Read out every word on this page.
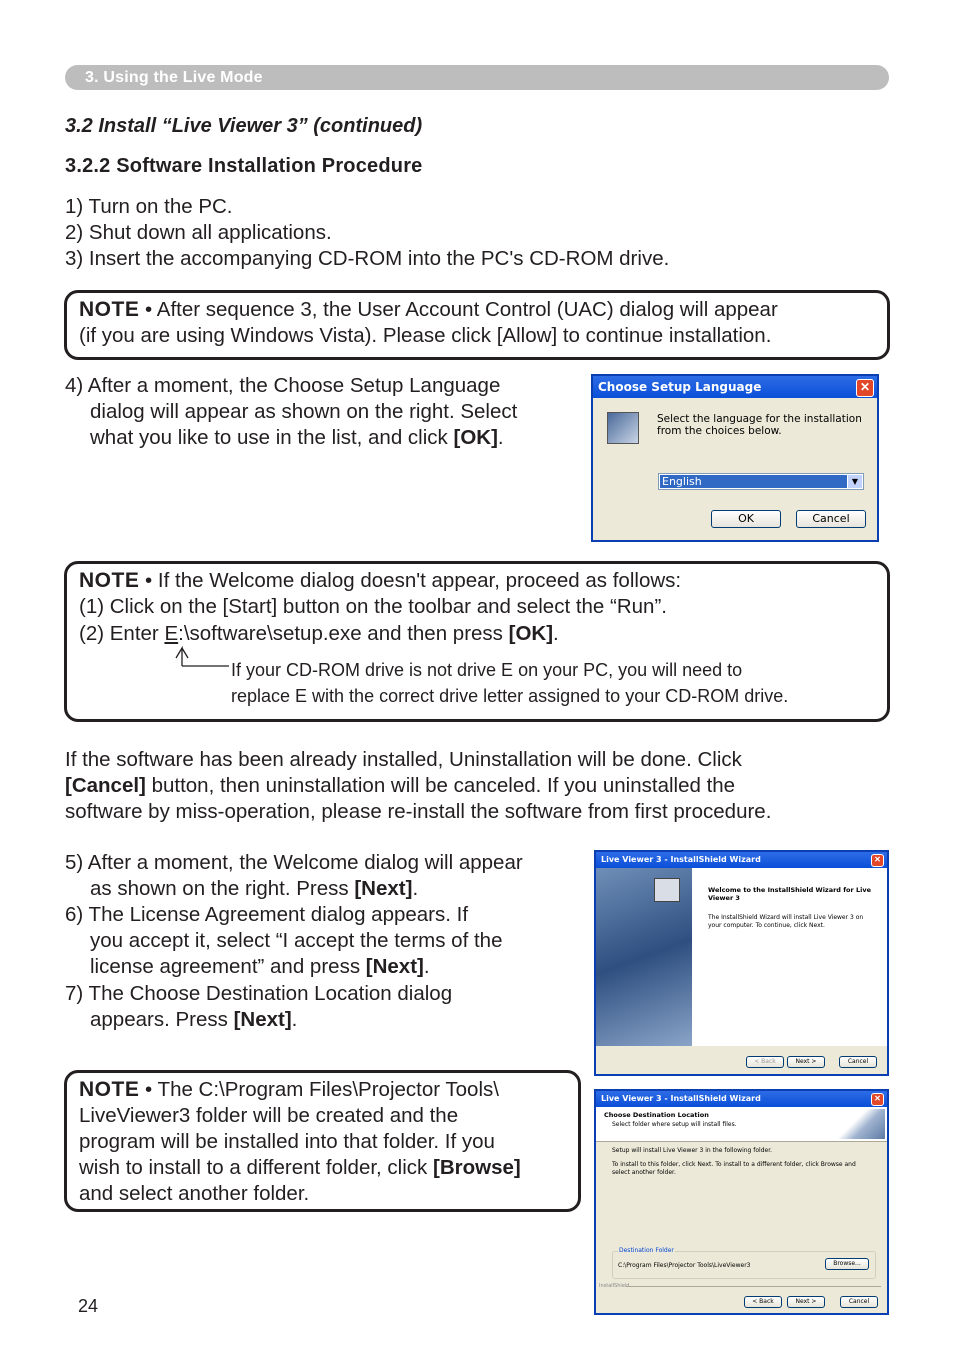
3. Using the Live Mode
3.2 Install “Live Viewer 3” (continued)
3.2.2 Software Installation Procedure
1) Turn on the PC.
2) Shut down all applications.
3) Insert the accompanying CD-ROM into the PC's CD-ROM drive.
NOTE • After sequence 3, the User Account Control (UAC) dialog will appear
(if you are using Windows Vista). Please click [Allow] to continue installation.
4) After a moment, the Choose Setup Language
dialog will appear as shown on the right. Select
what you like to use in the list, and click [OK].
Choose Setup Language	✕
Select the language for the installation from the choices below.
English	▼
OK	Cancel
NOTE • If the Welcome dialog doesn't appear, proceed as follows:
(1) Click on the [Start] button on the toolbar and select the “Run”.
(2) Enter E:\software\setup.exe and then press [OK].
If your CD-ROM drive is not drive E on your PC, you will need to
replace E with the correct drive letter assigned to your CD-ROM drive.
If the software has been already installed, Uninstallation will be done. Click
[Cancel] button, then uninstallation will be canceled. If you uninstalled the
software by miss-operation, please re-install the software from first procedure.
5) After a moment, the Welcome dialog will appear
as shown on the right. Press [Next].
6) The License Agreement dialog appears. If
you accept it, select “I accept the terms of the
license agreement” and press [Next].
7) The Choose Destination Location dialog
appears. Press [Next].
NOTE • The C:\Program Files\Projector Tools\
LiveViewer3 folder will be created and the
program will be installed into that folder. If you
wish to install to a different folder, click [Browse]
and select another folder.
Live Viewer 3 - InstallShield Wizard	✕
Welcome to the InstallShield Wizard for Live Viewer 3
The InstallShield Wizard will install Live Viewer 3 on your computer. To continue, click Next.
< Back	Next >	Cancel
Live Viewer 3 - InstallShield Wizard	✕
Choose Destination Location
Select folder where setup will install files.
Setup will install Live Viewer 3 in the following folder.
To install to this folder, click Next. To install to a different folder, click Browse and select another folder.
Destination Folder
C:\Program Files\Projector Tools\LiveViewer3	Browse...
InstallShield
< Back	Next >	Cancel
24
